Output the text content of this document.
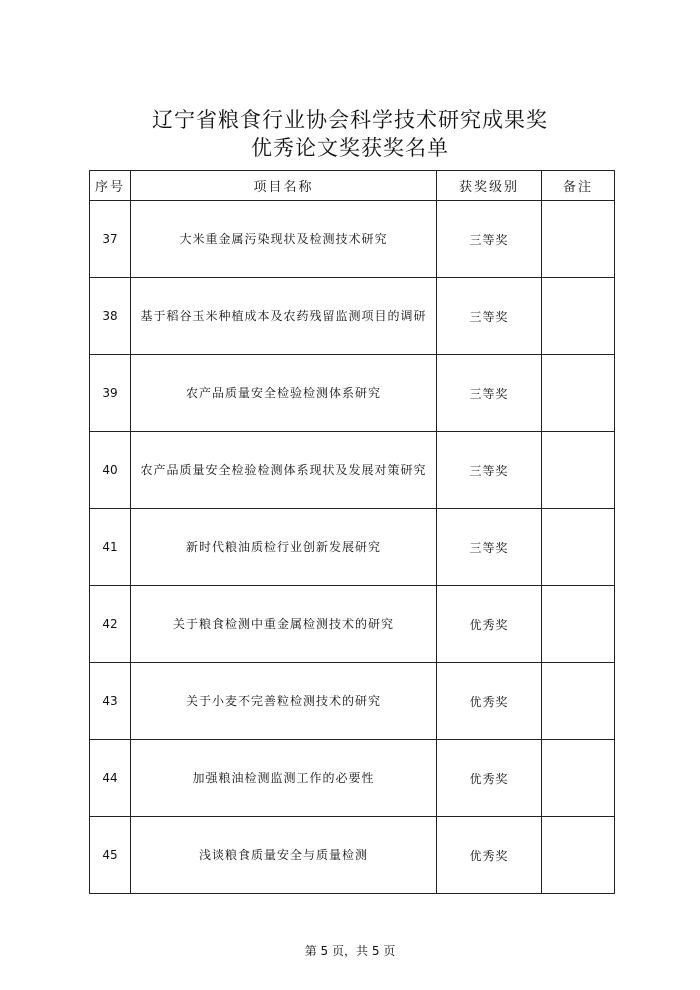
辽宁省粮食行业协会科学技术研究成果奖
优秀论文奖获奖名单
序号	项目名称	获奖级别	备注
37	大米重金属污染现状及检测技术研究	三等奖	
38	基于稻谷玉米种植成本及农药残留监测项目的调研	三等奖	
39	农产品质量安全检验检测体系研究	三等奖	
40	农产品质量安全检验检测体系现状及发展对策研究	三等奖	
41	新时代粮油质检行业创新发展研究	三等奖	
42	关于粮食检测中重金属检测技术的研究	优秀奖	
43	关于小麦不完善粒检测技术的研究	优秀奖	
44	加强粮油检测监测工作的必要性	优秀奖	
45	浅谈粮食质量安全与质量检测	优秀奖	
第 5 页，共 5 页
